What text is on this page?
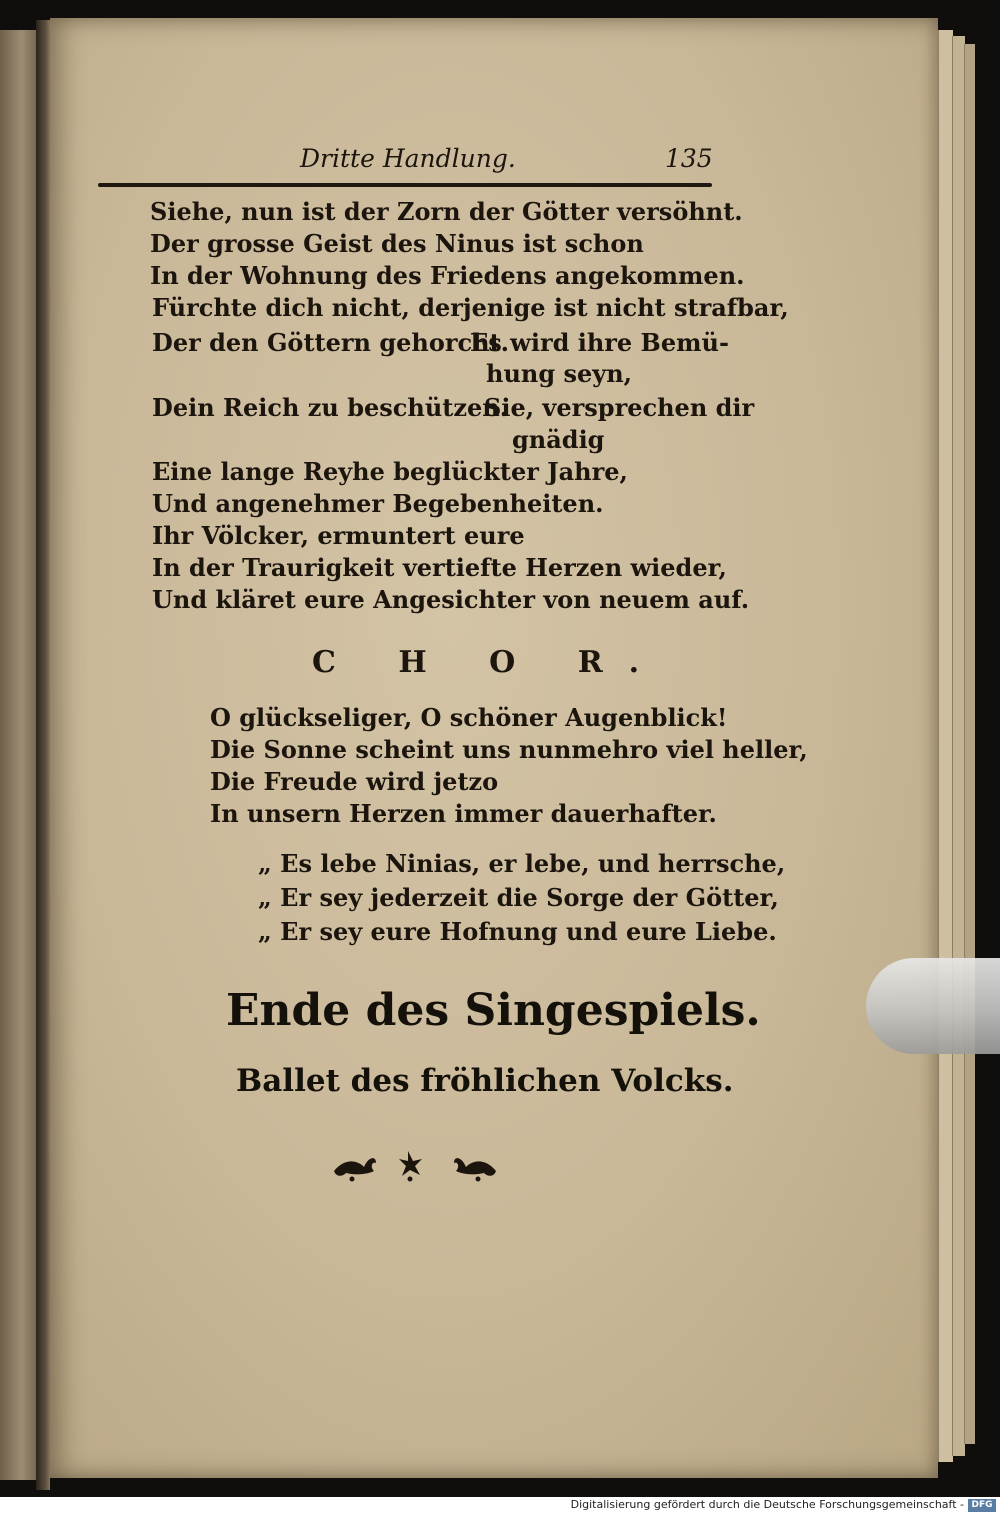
Dritte Handlung.	135
Siehe, nun ist der Zorn der Götter versöhnt.
Der grosse Geist des Ninus ist schon
In der Wohnung des Friedens angekommen.
Fürchte dich nicht, derjenige ist nicht strafbar,
Der den Göttern gehorcht.
Es wird ihre Bemü-
hung seyn,
Dein Reich zu beschützen.
Sie, versprechen dir
gnädig
Eine lange Reyhe beglückter Jahre,
Und angenehmer Begebenheiten.
Ihr Völcker, ermuntert eure
In der Traurigkeit vertiefte Herzen wieder,
Und kläret eure Angesichter von neuem auf.
C H O R.
O glückseliger, O schöner Augenblick!
Die Sonne scheint uns nunmehro viel heller,
Die Freude wird jetzo
In unsern Herzen immer dauerhafter.
„ Es lebe Ninias, er lebe, und herrsche,
„ Er sey jederzeit die Sorge der Götter,
„ Er sey eure Hofnung und eure Liebe.
Ende des Singespiels.
Ballet des fröhlichen Volcks.
Digitalisierung gefördert durch die Deutsche Forschungsgemeinschaft - DFG
